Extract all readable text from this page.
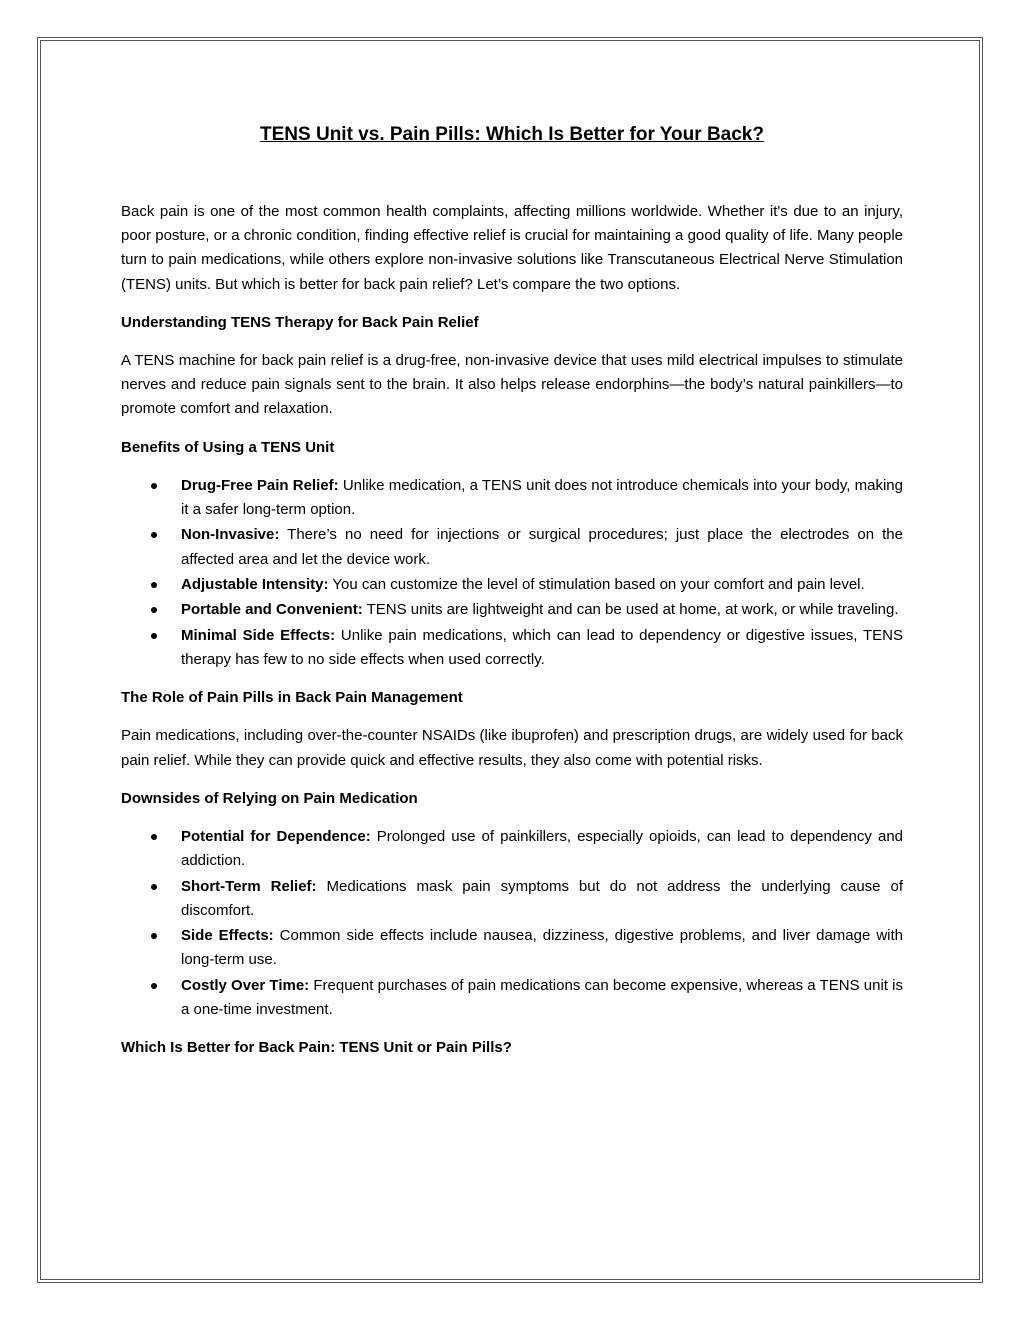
TENS Unit vs. Pain Pills: Which Is Better for Your Back?

Back pain is one of the most common health complaints, affecting millions worldwide. Whether it's due to an injury, poor posture, or a chronic condition, finding effective relief is crucial for maintaining a good quality of life. Many people turn to pain medications, while others explore non-invasive solutions like Transcutaneous Electrical Nerve Stimulation (TENS) units. But which is better for back pain relief? Let’s compare the two options.

Understanding TENS Therapy for Back Pain Relief

A TENS machine for back pain relief is a drug-free, non-invasive device that uses mild electrical impulses to stimulate nerves and reduce pain signals sent to the brain. It also helps release endorphins—the body’s natural painkillers—to promote comfort and relaxation.

Benefits of Using a TENS Unit

Drug-Free Pain Relief: Unlike medication, a TENS unit does not introduce chemicals into your body, making it a safer long-term option.
Non-Invasive: There’s no need for injections or surgical procedures; just place the electrodes on the affected area and let the device work.
Adjustable Intensity: You can customize the level of stimulation based on your comfort and pain level.
Portable and Convenient: TENS units are lightweight and can be used at home, at work, or while traveling.
Minimal Side Effects: Unlike pain medications, which can lead to dependency or digestive issues, TENS therapy has few to no side effects when used correctly.

The Role of Pain Pills in Back Pain Management

Pain medications, including over-the-counter NSAIDs (like ibuprofen) and prescription drugs, are widely used for back pain relief. While they can provide quick and effective results, they also come with potential risks.

Downsides of Relying on Pain Medication

Potential for Dependence: Prolonged use of painkillers, especially opioids, can lead to dependency and addiction.
Short-Term Relief: Medications mask pain symptoms but do not address the underlying cause of discomfort.
Side Effects: Common side effects include nausea, dizziness, digestive problems, and liver damage with long-term use.
Costly Over Time: Frequent purchases of pain medications can become expensive, whereas a TENS unit is a one-time investment.

Which Is Better for Back Pain: TENS Unit or Pain Pills?
